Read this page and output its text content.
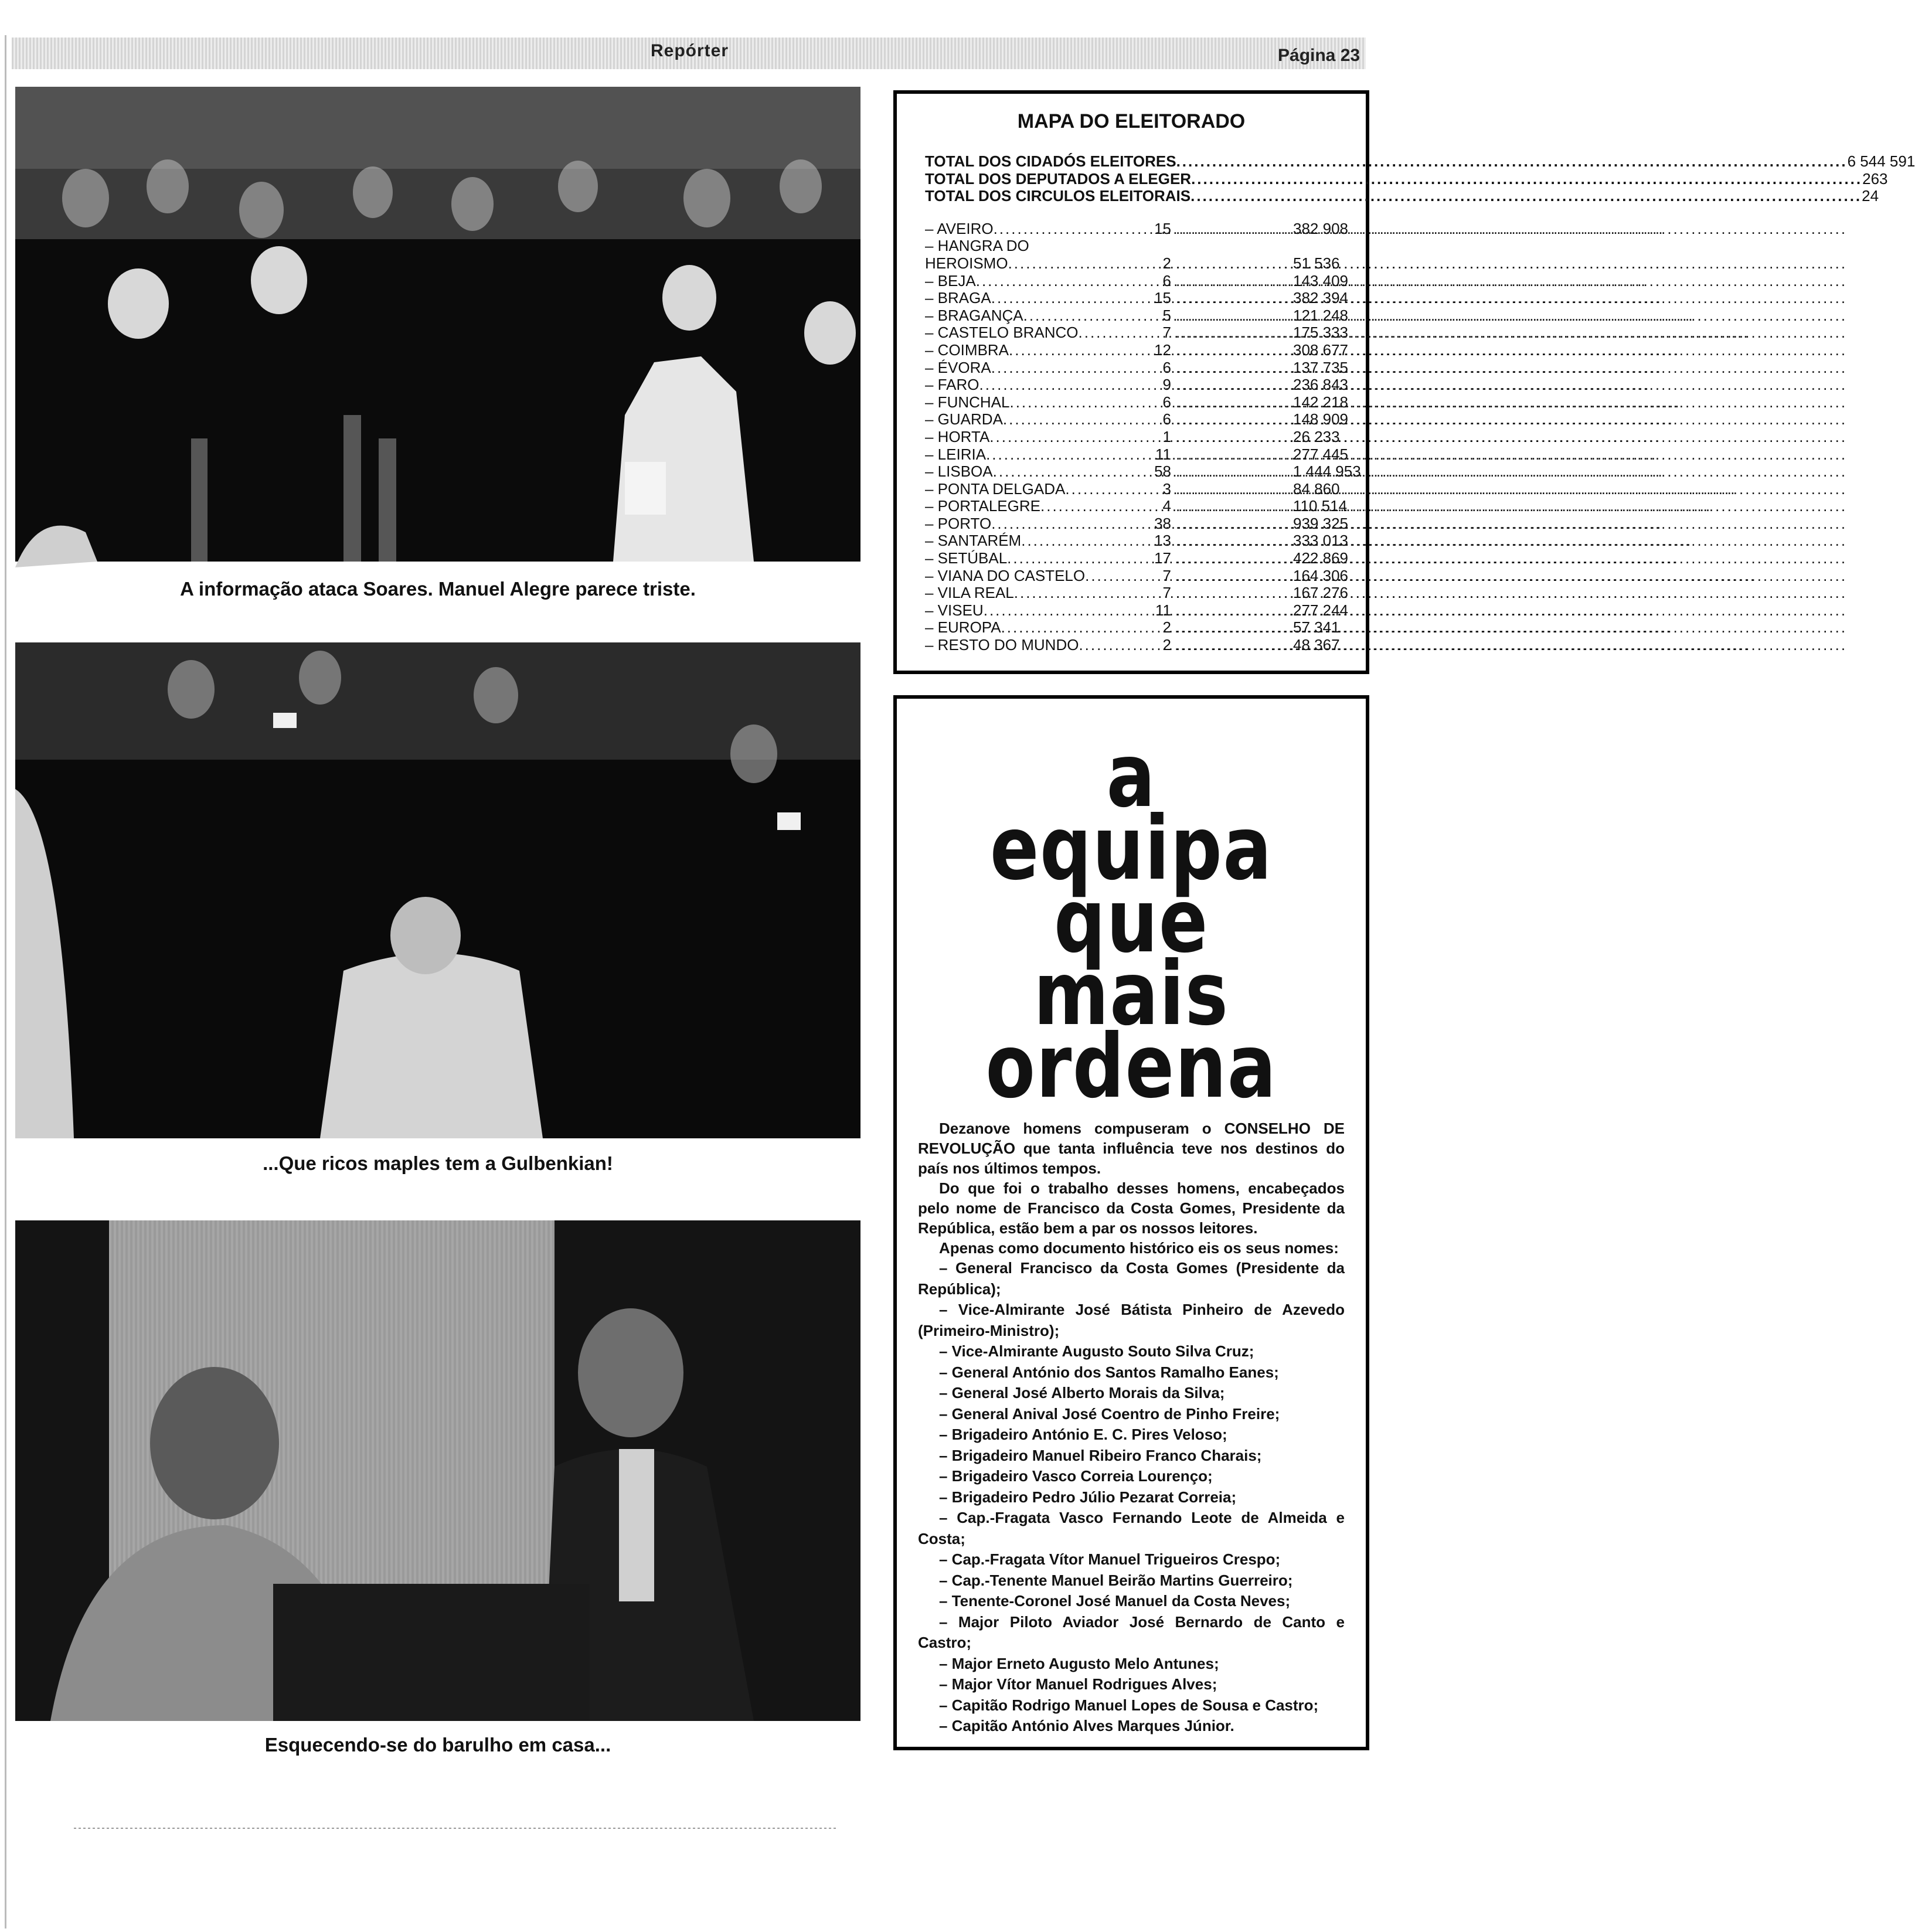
Repórter	Página 23
A informação ataca Soares. Manuel Alegre parece triste.
...Que ricos maples tem a Gulbenkian!
Esquecendo-se do barulho em casa...
MAPA DO ELEITORADO
TOTAL DOS CIDADÓS ELEITORES .....	6 544 591
TOTAL DOS DEPUTADOS A ELEGER .....	263
TOTAL DOS CIRCULOS ELEITORAIS .....	24
– AVEIRO .....	15 .....	382 908
– HANGRA DO
HEROISMO .....	2 .....	51 536
– BEJA .....	6 .....	143 409
– BRAGA .....	15 .....	382 394
– BRAGANÇA .....	5 .....	121 248
– CASTELO BRANCO .....	7 .....	175 333
– COIMBRA .....	12 .....	308 677
– ÉVORA .....	6 .....	137 735
– FARO .....	9 .....	236 843
– FUNCHAL .....	6 .....	142 218
– GUARDA .....	6 .....	148 909
– HORTA .....	1 .....	26 233
– LEIRIA .....	11 .....	277 445
– LISBOA .....	58 .....	1 444 953
– PONTA DELGADA .....	3 .....	84 860
– PORTALEGRE .....	4 .....	110 514
– PORTO .....	38 .....	939 325
– SANTARÉM .....	13 .....	333 013
– SETÚBAL .....	17 .....	422 869
– VIANA DO CASTELO .....	7 .....	164 306
– VILA REAL .....	7 .....	167 276
– VISEU .....	11 .....	277 244
– EUROPA .....	2 .....	57 341
– RESTO DO MUNDO .....	2 .....	48 367
a equipa
que mais
ordena

Dezanove homens compuseram o CONSELHO DE REVOLUÇÃO que tanta influência teve nos destinos do país nos últimos tempos.

Do que foi o trabalho desses homens, encabeçados pelo nome de Francisco da Costa Gomes, Presidente da República, estão bem a par os nossos leitores.

Apenas como documento histórico eis os seus nomes:

– General Francisco da Costa Gomes (Presidente da República);

– Vice-Almirante José Bátista Pinheiro de Azevedo (Primeiro-Ministro);

– Vice-Almirante Augusto Souto Silva Cruz;

– General António dos Santos Ramalho Eanes;

– General José Alberto Morais da Silva;

– General Anival José Coentro de Pinho Freire;

– Brigadeiro António E. C. Pires Veloso;

– Brigadeiro Manuel Ribeiro Franco Charais;

– Brigadeiro Vasco Correia Lourenço;

– Brigadeiro Pedro Júlio Pezarat Correia;

– Cap.-Fragata Vasco Fernando Leote de Almeida e Costa;

– Cap.-Fragata Vítor Manuel Trigueiros Crespo;

– Cap.-Tenente Manuel Beirão Martins Guerreiro;

– Tenente-Coronel José Manuel da Costa Neves;

– Major Piloto Aviador José Bernardo de Canto e Castro;

– Major Erneto Augusto Melo Antunes;

– Major Vítor Manuel Rodrigues Alves;

– Capitão Rodrigo Manuel Lopes de Sousa e Castro;

– Capitão António Alves Marques Júnior.
